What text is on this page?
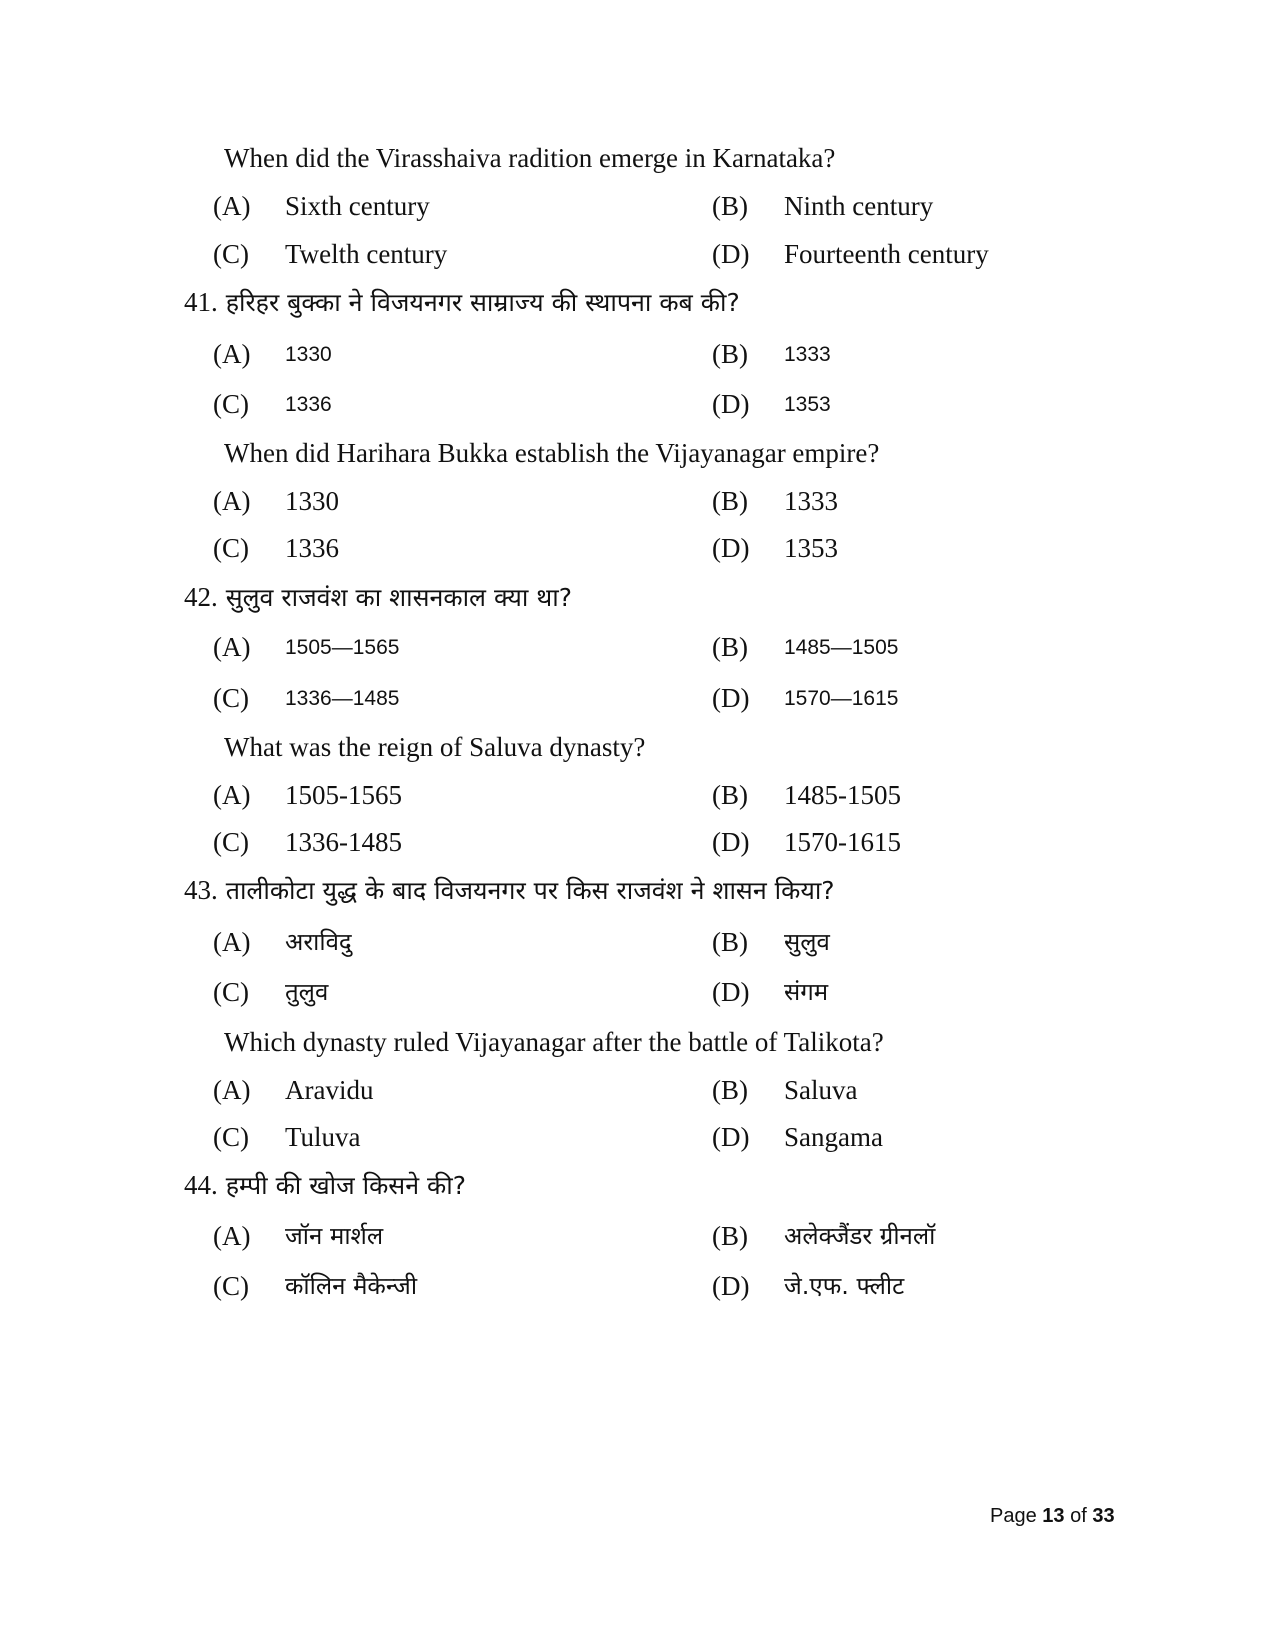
When did the Virasshaiva radition emerge in Karnataka?
(A) Sixth century	(B) Ninth century
(C) Twelth century	(D) Fourteenth century
41. हरिहर बुक्का ने विजयनगर साम्राज्य की स्थापना कब की?
(A) 1330	(B) 1333
(C) 1336	(D) 1353
When did Harihara Bukka establish the Vijayanagar empire?
(A) 1330	(B) 1333
(C) 1336	(D) 1353
42. सुलुव राजवंश का शासनकाल क्या था?
(A) 1505—1565	(B) 1485—1505
(C) 1336—1485	(D) 1570—1615
What was the reign of Saluva dynasty?
(A) 1505-1565	(B) 1485-1505
(C) 1336-1485	(D) 1570-1615
43. तालीकोटा युद्ध के बाद विजयनगर पर किस राजवंश ने शासन किया?
(A) अराविदु	(B) सुलुव
(C) तुलुव	(D) संगम
Which dynasty ruled Vijayanagar after the battle of Talikota?
(A) Aravidu	(B) Saluva
(C) Tuluva	(D) Sangama
44. हम्पी की खोज किसने की?
(A) जॉन मार्शल	(B) अलेक्जैंडर ग्रीनलॉ
(C) कॉलिन मैकेन्जी	(D) जे.एफ. फ्लीट
Page 13 of 33
